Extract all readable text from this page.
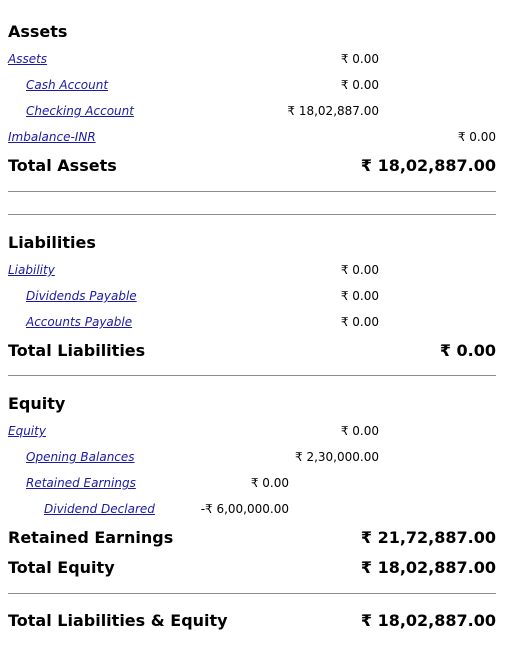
Assets
Assets	₹ 0.00
Cash Account	₹ 0.00
Checking Account	₹ 18,02,887.00
Imbalance-INR	₹ 0.00
Total Assets	₹ 18,02,887.00
Liabilities
Liability	₹ 0.00
Dividends Payable	₹ 0.00
Accounts Payable	₹ 0.00
Total Liabilities	₹ 0.00
Equity
Equity	₹ 0.00
Opening Balances	₹ 2,30,000.00
Retained Earnings	₹ 0.00
Dividend Declared	-₹ 6,00,000.00
Retained Earnings	₹ 21,72,887.00
Total Equity	₹ 18,02,887.00
Total Liabilities & Equity	₹ 18,02,887.00
